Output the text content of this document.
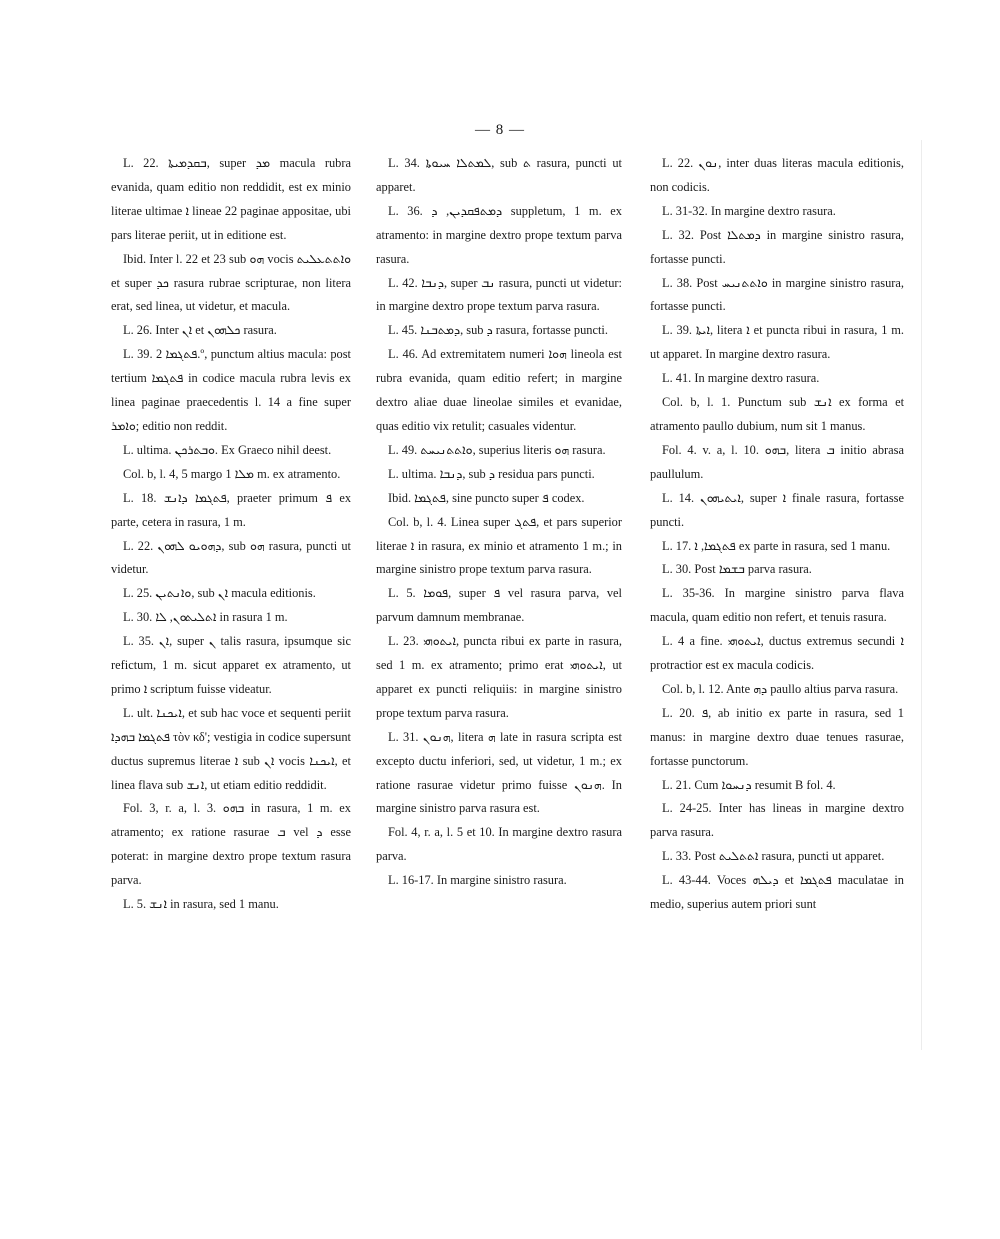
— 8 —

L. 22. ܒܩܕܡܝܬܐ, super ܡܕ macula rubra evanida, quam editio non reddidit, est ex minio literae ultimae ܐ lineae 22 paginae appositae, ubi pars literae periit, ut in editione est.

Ibid. Inter l. 22 et 23 sub ܗܘ vocis ܘܐܬܬܥܠܝܬ et super ܟܕ rasura rubrae scripturae, non litera erat, sed linea, ut videtur, et macula.

L. 26. Inter ܐܢ et ܟܠܗܘܢ rasura.

L. 39. ܦܬܓܡܐ 2.º, punctum altius macula: post tertium ܦܬܓܡܐ in codice macula rubra levis ex linea paginae praecedentis l. 14 a fine super ܘܐܡܪ; editio non reddit.

L. ultima. ܘܒܬܪܟܢ. Ex Graeco nihil deest.

Col. b, l. 4, 5 margo ܡܠܐ 1 m. ex atramento.

L. 18. ܦܬܓܡܐ ܕܐܢܫ, praeter primum ܦ ex parte, cetera in rasura, 1 m.

L. 22. ܕܗܘܝܘ ܠܗܘܢ, sub ܗܘ rasura, puncti ut videtur.

L. 25. ܘܐܢܬܝܢ, sub ܐܢ macula editionis.

L. 30. ܐܬܠܝܬܘܢ, ܠܐ in rasura 1 m.

L. 35. ܐܢ, super ܢ talis rasura, ipsumque sic refictum, 1 m. sicut apparet ex atramento, ut primo ܐ scriptum fuisse videatur.

L. ult. ܐܝܟܢܐ, et sub hac voce et sequenti periit ܦܬܓܡܐ ܒܗܕܐ τὸν κδ'; vestigia in codice supersunt ductus supremus literae ܐ sub ܐܢ vocis ܐܝܟܢܐ, et linea flava sub ܐܢܫ, ut etiam editio reddidit.

Fol. 3, r. a, l. 3. ܒܗܘ in rasura, 1 m. ex atramento; ex ratione rasurae ܒ vel ܕ esse poterat: in margine dextro prope textum rasura parva.

L. 5. ܐܢܫ in rasura, sed 1 manu.

L. 34. ܠܡܬܠܐ ܚܝܘܬܐ, sub ܬ rasura, puncti ut apparet.

L. 36. ܕܡܬܦܩܕܝܢ, ܕ suppletum, 1 m. ex atramento: in margine dextro prope textum parva rasura.

L. 42. ܕܢܒܐ, super ܢܒ rasura, puncti ut videtur: in margine dextro prope textum parva rasura.

L. 45. ܕܡܬܒܢܐ, sub ܕ rasura, fortasse puncti.

L. 46. Ad extremitatem numeri ܗܘܐ lineola est rubra evanida, quam editio refert; in margine dextro aliae duae lineolae similes et evanidae, quas editio vix retulit; casuales videntur.

L. 49. ܘܐܬܬܢܝܚܬ, superius literis ܗܘ rasura.

L. ultima. ܕܢܒܐ, sub ܕ residua pars puncti.

Ibid. ܦܬܓܡܐ, sine puncto super ܦ codex.

Col. b, l. 4. Linea super ܦܬܓ, et pars superior literae ܐ in rasura, ex minio et atramento 1 m.; in margine sinistro prope textum parva rasura.

L. 5. ܦܘܡܐ, super ܦ vel rasura parva, vel parvum damnum membranae.

L. 23. ܐܝܬܘܗܝ, puncta ribui ex parte in rasura, sed 1 m. ex atramento; primo erat ܐܝܬܘܗܝ, ut apparet ex puncti reliquiis: in margine sinistro prope textum parva rasura.

L. 31. ܗܢܘܢ, litera ܗ late in rasura scripta est excepto ductu inferiori, sed, ut videtur, 1 m.; ex ratione rasurae videtur primo fuisse ܗܢܘܢ. In margine sinistro parva rasura est.

Fol. 4, r. a, l. 5 et 10. In margine dextro rasura parva.

L. 16-17. In margine sinistro rasura.

L. 22. ܢܘܢ, inter duas literas macula editionis, non codicis.

L. 31-32. In margine dextro rasura.

L. 32. Post ܕܡܬܠܐ in margine sinistro rasura, fortasse puncti.

L. 38. Post ܘܐܬܬܢܝܚ in margine sinistro rasura, fortasse puncti.

L. 39. ܐܝܬܐ, litera ܐ et puncta ribui in rasura, 1 m. ut apparet. In margine dextro rasura.

L. 41. In margine dextro rasura.

Col. b, l. 1. Punctum sub ܐܢܫ ex forma et atramento paullo dubium, num sit 1 manus.

Fol. 4. v. a, l. 10. ܒܗܘ, litera ܒ initio abrasa paullulum.

L. 14. ܐܝܬܝܗܘܢ, super ܐ finale rasura, fortasse puncti.

L. 17. ܦܬܓܡܐ, ܐ ex parte in rasura, sed 1 manu.

L. 30. Post ܒܫܡܐ parva rasura.

L. 35-36. In margine sinistro parva flava macula, quam editio non refert, et tenuis rasura.

L. 4 a fine. ܐܝܬܘܗܝ, ductus extremus secundi ܐ protractior est ex macula codicis.

Col. b, l. 12. Ante ܕܗ paullo altius parva rasura.

L. 20. ܦ, ab initio ex parte in rasura, sed 1 manus: in margine dextro duae tenues rasurae, fortasse punctorum.

L. 21. Cum ܕܢܚܘܐ resumit B fol. 4.

L. 24-25. Inter has lineas in margine dextro parva rasura.

L. 33. Post ܐܬܬܠܝܬ rasura, puncti ut apparet.

L. 43-44. Voces ܕܝܠܗ et ܦܬܓܡܐ maculatae in medio, superius autem priori sunt
